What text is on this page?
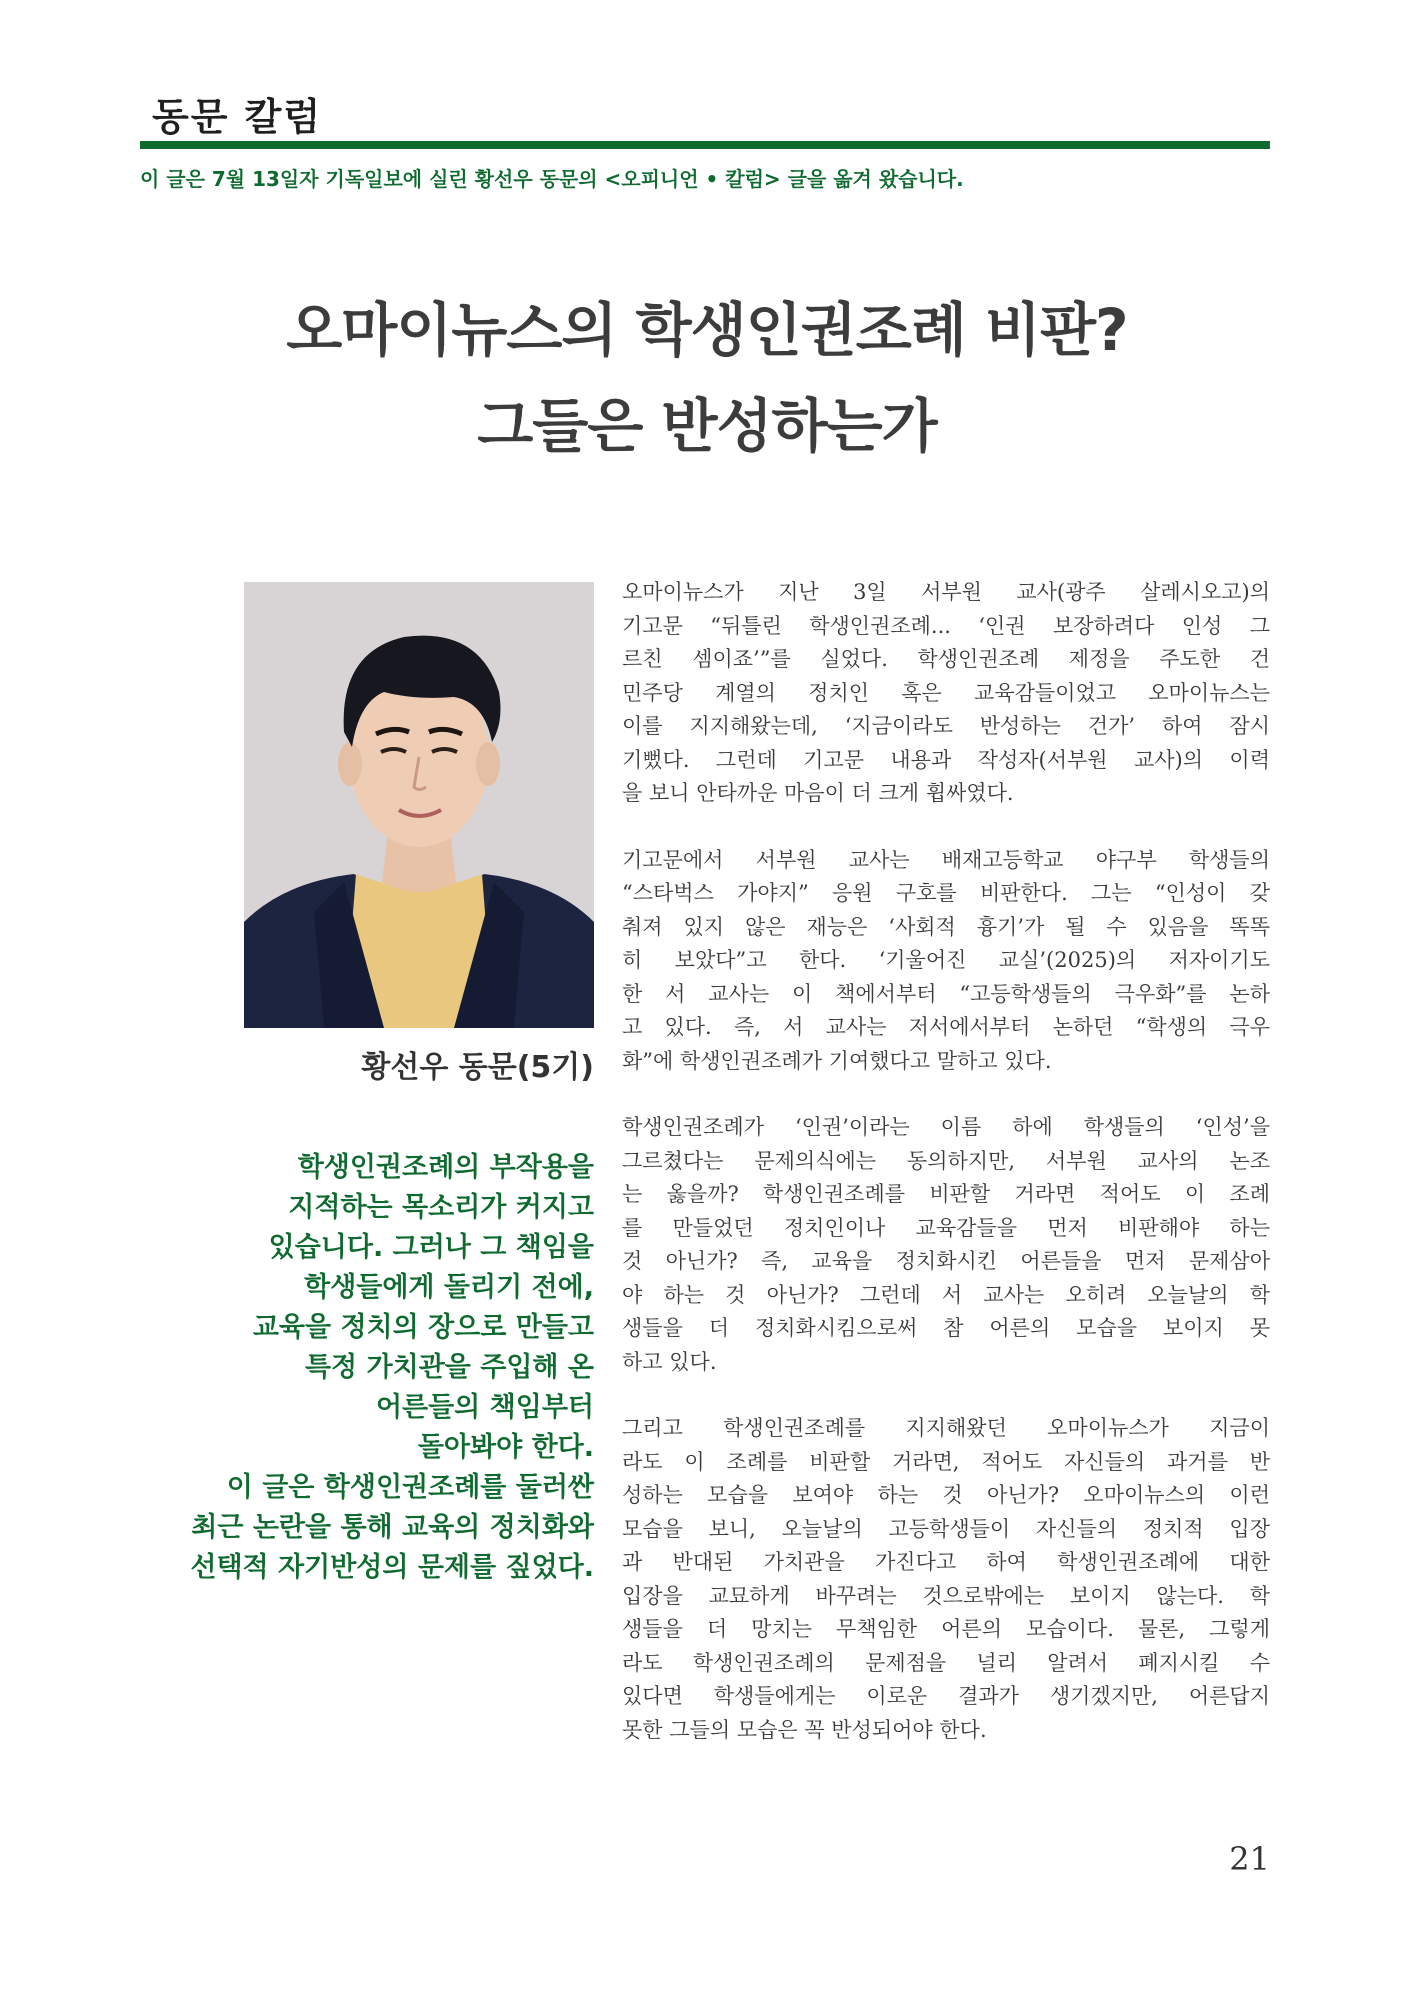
동문 칼럼
이 글은 7월 13일자 기독일보에 실린 황선우 동문의 <오피니언 • 칼럼> 글을 옮겨 왔습니다.
오마이뉴스의 학생인권조례 비판?
그들은 반성하는가
황선우 동문(5기)
학생인권조례의 부작용을
지적하는 목소리가 커지고
있습니다. 그러나 그 책임을
학생들에게 돌리기 전에,
교육을 정치의 장으로 만들고
특정 가치관을 주입해 온
어른들의 책임부터
돌아봐야 한다.
이 글은 학생인권조례를 둘러싼
최근 논란을 통해 교육의 정치화와
선택적 자기반성의 문제를 짚었다.
오마이뉴스가 지난 3일 서부원 교사(광주 살레시오고)의
기고문 “뒤틀린 학생인권조례... ‘인권 보장하려다 인성 그
르친 셈이죠’”를 실었다. 학생인권조례 제정을 주도한 건
민주당 계열의 정치인 혹은 교육감들이었고 오마이뉴스는
이를 지지해왔는데, ‘지금이라도 반성하는 건가’ 하여 잠시
기뻤다. 그런데 기고문 내용과 작성자(서부원 교사)의 이력
을 보니 안타까운 마음이 더 크게 휩싸였다.
기고문에서 서부원 교사는 배재고등학교 야구부 학생들의
“스타벅스 가야지” 응원 구호를 비판한다. 그는 “인성이 갖
춰져 있지 않은 재능은 ‘사회적 흉기’가 될 수 있음을 똑똑
히 보았다”고 한다. ‘기울어진 교실’(2025)의 저자이기도
한 서 교사는 이 책에서부터 “고등학생들의 극우화”를 논하
고 있다. 즉, 서 교사는 저서에서부터 논하던 “학생의 극우
화”에 학생인권조례가 기여했다고 말하고 있다.
학생인권조례가 ‘인권’이라는 이름 하에 학생들의 ‘인성’을
그르쳤다는 문제의식에는 동의하지만, 서부원 교사의 논조
는 옳을까? 학생인권조례를 비판할 거라면 적어도 이 조례
를 만들었던 정치인이나 교육감들을 먼저 비판해야 하는
것 아닌가? 즉, 교육을 정치화시킨 어른들을 먼저 문제삼아
야 하는 것 아닌가? 그런데 서 교사는 오히려 오늘날의 학
생들을 더 정치화시킴으로써 참 어른의 모습을 보이지 못
하고 있다.
그리고 학생인권조례를 지지해왔던 오마이뉴스가 지금이
라도 이 조례를 비판할 거라면, 적어도 자신들의 과거를 반
성하는 모습을 보여야 하는 것 아닌가? 오마이뉴스의 이런
모습을 보니, 오늘날의 고등학생들이 자신들의 정치적 입장
과 반대된 가치관을 가진다고 하여 학생인권조례에 대한
입장을 교묘하게 바꾸려는 것으로밖에는 보이지 않는다. 학
생들을 더 망치는 무책임한 어른의 모습이다. 물론, 그렇게
라도 학생인권조례의 문제점을 널리 알려서 폐지시킬 수
있다면 학생들에게는 이로운 결과가 생기겠지만, 어른답지
못한 그들의 모습은 꼭 반성되어야 한다.
21
